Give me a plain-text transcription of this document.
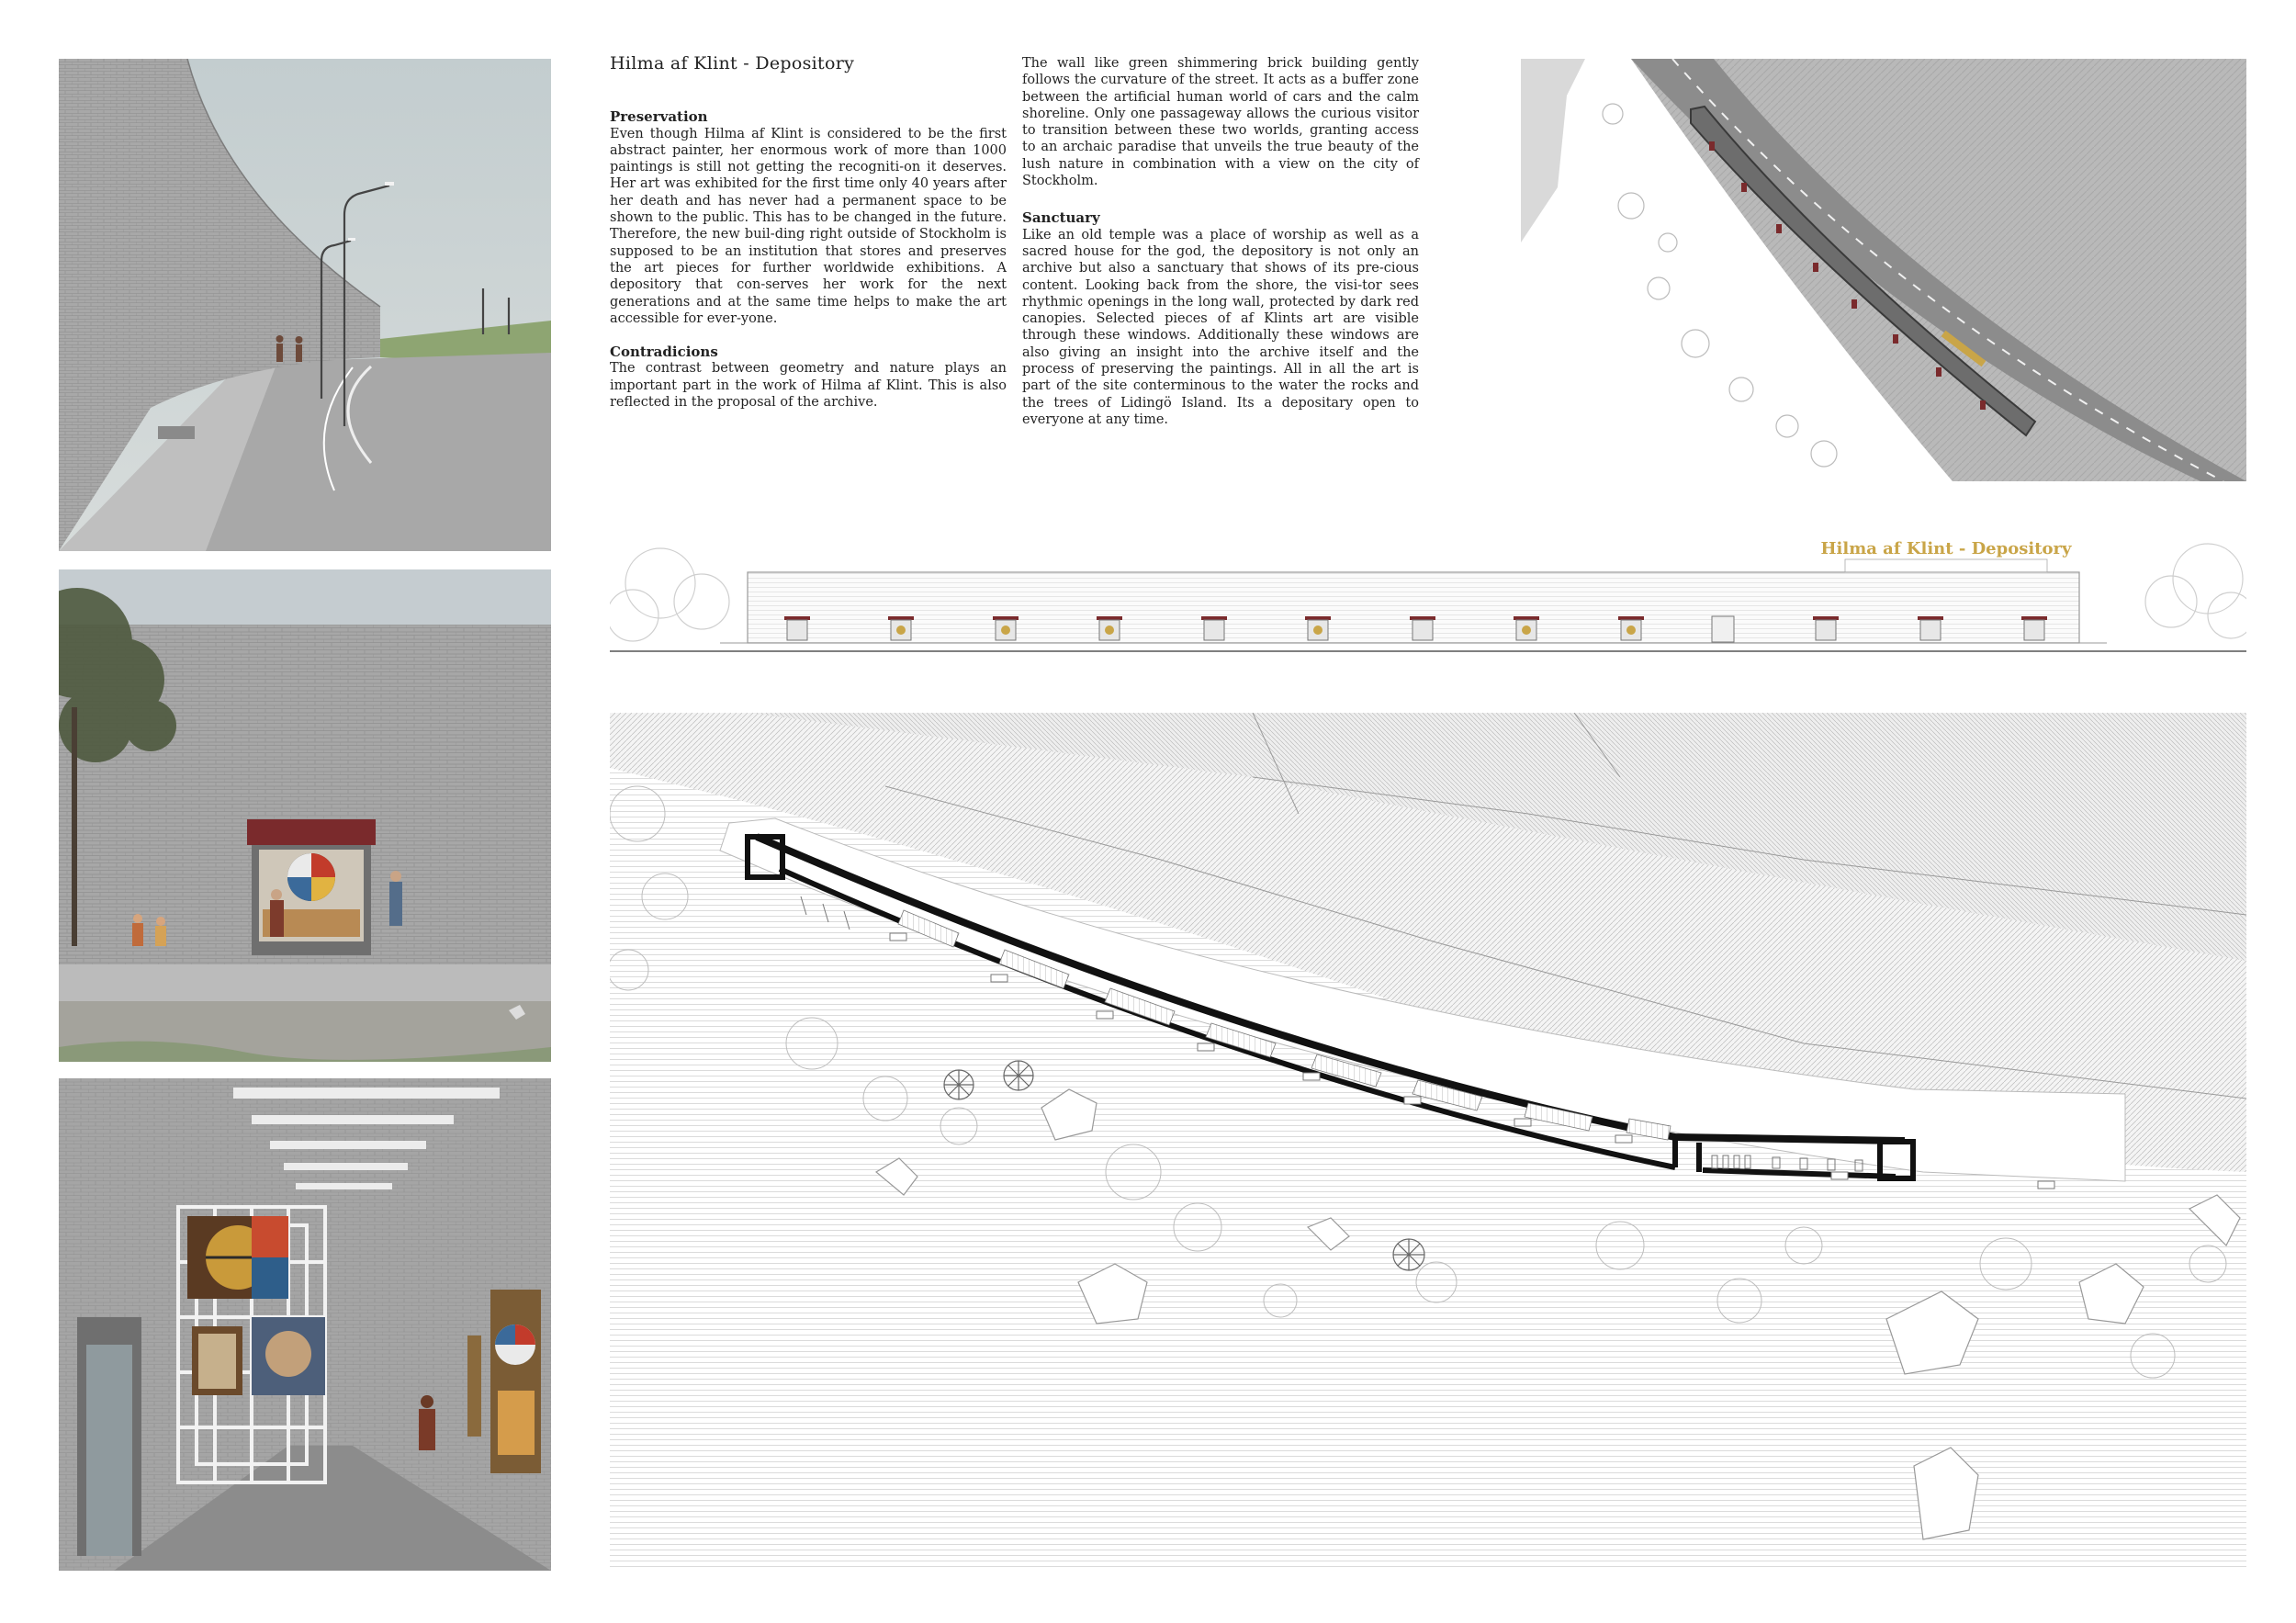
Hilma af Klint - Depository

Preservation

Even though Hilma af Klint is considered to be the first abstract painter, her enormous work of more than 1000 paintings is still not getting the recogniti-on it deserves. Her art was exhibited for the first time only 40 years after her death and has never had a permanent space to be shown to the public. This has to be changed in the future. Therefore, the new buil-ding right outside of Stockholm is supposed to be an institution that stores and preserves the art pieces for further worldwide exhibitions. A depository that con-serves her work for the next generations and at the same time helps to make the art accessible for ever-yone.

Contradicions

The contrast between geometry and nature plays an important part in the work of Hilma af Klint. This is also reflected in the proposal of the archive.

The wall like green shimmering brick building gently follows the curvature of the street. It acts as a buffer zone between the artificial human world of cars and the calm shoreline. Only one passageway allows the curious visitor to transition between these two worlds, granting access to an archaic paradise that unveils the true beauty of the lush nature in combination with a view on the city of Stockholm.

Sanctuary

Like an old temple was a place of worship as well as a sacred house for the god, the depository is not only an archive but also a sanctuary that shows of its pre-cious content. Looking back from the shore, the visi-tor sees rhythmic openings in the long wall, protected by dark red canopies. Selected pieces of af Klints art are visible through these windows. Additionally these windows are also giving an insight into the archive itself and the process of preserving the paintings. All in all the art is part of the site conterminous to the water the rocks and the trees of Lidingö Island. Its a depositary open to everyone at any time.

Hilma af Klint - Depository
